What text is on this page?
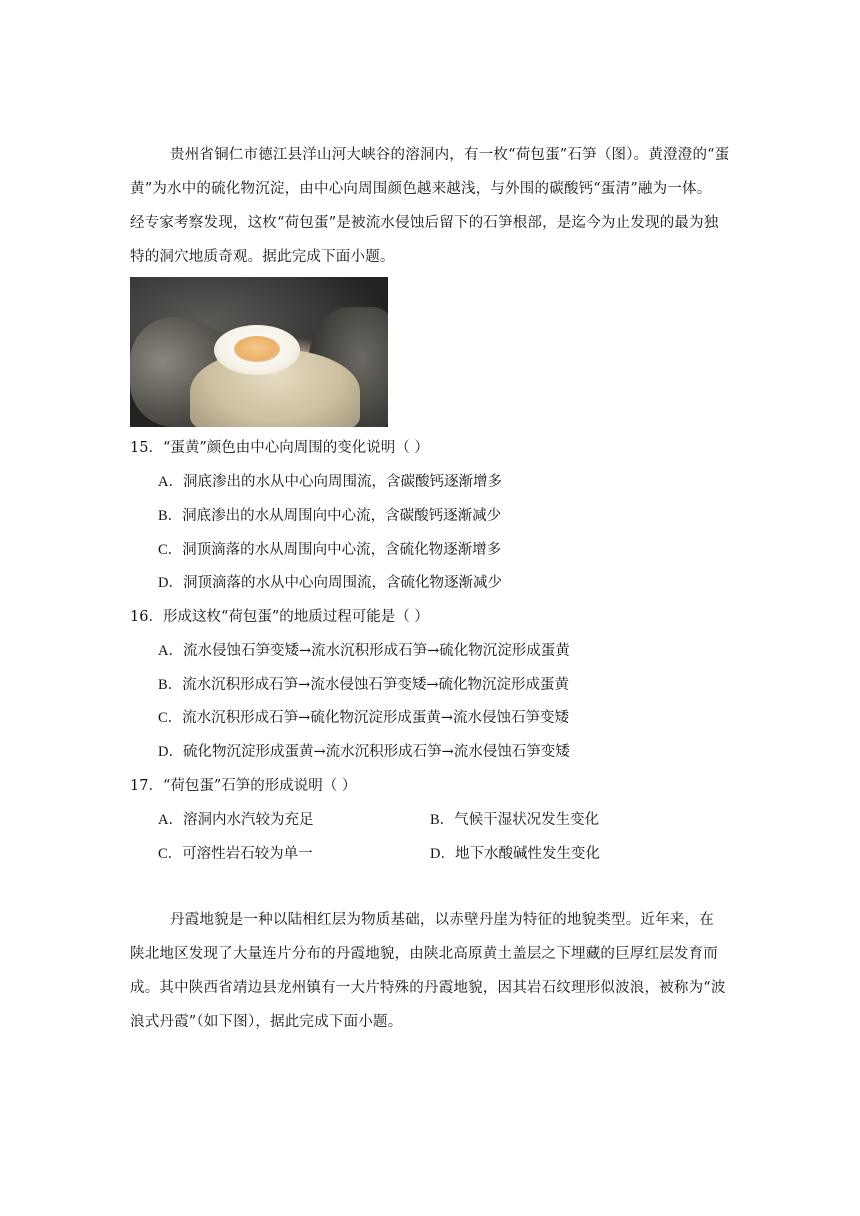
贵州省铜仁市德江县洋山河大峡谷的溶洞内，有一枚“荷包蛋”石笋（图）。黄澄澄的“蛋
黄”为水中的硫化物沉淀，由中心向周围颜色越来越浅，与外围的碳酸钙“蛋清”融为一体。
经专家考察发现，这枚“荷包蛋”是被流水侵蚀后留下的石笋根部，是迄今为止发现的最为独
特的洞穴地质奇观。据此完成下面小题。
15．“蛋黄”颜色由中心向周围的变化说明（ ）
A．洞底渗出的水从中心向周围流，含碳酸钙逐渐增多
B．洞底渗出的水从周围向中心流，含碳酸钙逐渐减少
C．洞顶滴落的水从周围向中心流，含硫化物逐渐增多
D．洞顶滴落的水从中心向周围流，含硫化物逐渐减少
16．形成这枚“荷包蛋”的地质过程可能是（ ）
A．流水侵蚀石笋变矮→流水沉积形成石笋→硫化物沉淀形成蛋黄
B．流水沉积形成石笋→流水侵蚀石笋变矮→硫化物沉淀形成蛋黄
C．流水沉积形成石笋→硫化物沉淀形成蛋黄→流水侵蚀石笋变矮
D．硫化物沉淀形成蛋黄→流水沉积形成石笋→流水侵蚀石笋变矮
17．“荷包蛋”石笋的形成说明（ ）
A．溶洞内水汽较为充足	B．气候干湿状况发生变化
C．可溶性岩石较为单一	D．地下水酸碱性发生变化
丹霞地貌是一种以陆相红层为物质基础，以赤壁丹崖为特征的地貌类型。近年来，在
陕北地区发现了大量连片分布的丹霞地貌，由陕北高原黄土盖层之下埋藏的巨厚红层发育而
成。其中陕西省靖边县龙州镇有一大片特殊的丹霞地貌，因其岩石纹理形似波浪，被称为“波
浪式丹霞”（如下图），据此完成下面小题。
